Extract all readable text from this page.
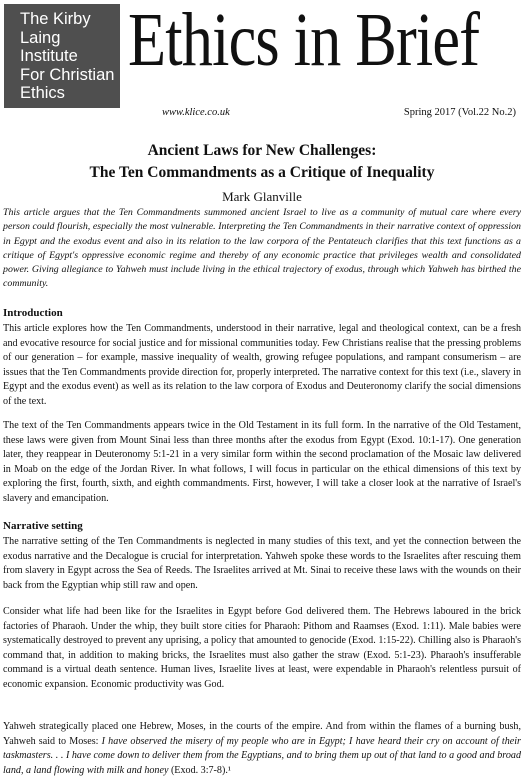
The Kirby
Laing
Institute
For Christian
Ethics
Ethics in Brief
www.klice.co.uk	Spring 2017 (Vol.22 No.2)
Ancient Laws for New Challenges:
The Ten Commandments as a Critique of Inequality
Mark Glanville
This article argues that the Ten Commandments summoned ancient Israel to live as a community of mutual care where every person could flourish, especially the most vulnerable. Interpreting the Ten Commandments in their narrative context of oppression in Egypt and the exodus event and also in its relation to the law corpora of the Pentateuch clarifies that this text functions as a critique of Egypt's oppressive economic regime and thereby of any economic practice that privileges wealth and consolidated power. Giving allegiance to Yahweh must include living in the ethical trajectory of exodus, through which Yahweh has birthed the community.
Introduction
This article explores how the Ten Commandments, understood in their narrative, legal and theological context, can be a fresh and evocative resource for social justice and for missional communities today. Few Christians realise that the pressing problems of our generation – for example, massive inequality of wealth, growing refugee populations, and rampant consumerism – are issues that the Ten Commandments provide direction for, properly interpreted. The narrative context for this text (i.e., slavery in Egypt and the exodus event) as well as its relation to the law corpora of Exodus and Deuteronomy clarify the social dimensions of the text.
The text of the Ten Commandments appears twice in the Old Testament in its full form. In the narrative of the Old Testament, these laws were given from Mount Sinai less than three months after the exodus from Egypt (Exod. 10:1-17). One generation later, they reappear in Deuteronomy 5:1-21 in a very similar form within the second proclamation of the Mosaic law delivered in Moab on the edge of the Jordan River. In what follows, I will focus in particular on the ethical dimensions of this text by exploring the first, fourth, sixth, and eighth commandments. First, however, I will take a closer look at the narrative of Israel's slavery and emancipation.
Narrative setting
The narrative setting of the Ten Commandments is neglected in many studies of this text, and yet the connection between the exodus narrative and the Decalogue is crucial for interpretation. Yahweh spoke these words to the Israelites after rescuing them from slavery in Egypt across the Sea of Reeds. The Israelites arrived at Mt. Sinai to receive these laws with the wounds on their back from the Egyptian whip still raw and open.
Consider what life had been like for the Israelites in Egypt before God delivered them. The Hebrews laboured in the brick factories of Pharaoh. Under the whip, they built store cities for Pharaoh: Pithom and Raamses (Exod. 1:11). Male babies were systematically destroyed to prevent any uprising, a policy that amounted to genocide (Exod. 1:15-22). Chilling also is Pharaoh's command that, in addition to making bricks, the Israelites must also gather the straw (Exod. 5:1-23). Pharaoh's insufferable command is a virtual death sentence. Human lives, Israelite lives at least, were expendable in Pharaoh's relentless pursuit of economic expansion. Economic productivity was God.
Yahweh strategically placed one Hebrew, Moses, in the courts of the empire. And from within the flames of a burning bush, Yahweh said to Moses: I have observed the misery of my people who are in Egypt; I have heard their cry on account of their taskmasters. . . I have come down to deliver them from the Egyptians, and to bring them up out of that land to a good and broad land, a land flowing with milk and honey (Exod. 3:7-8).¹
